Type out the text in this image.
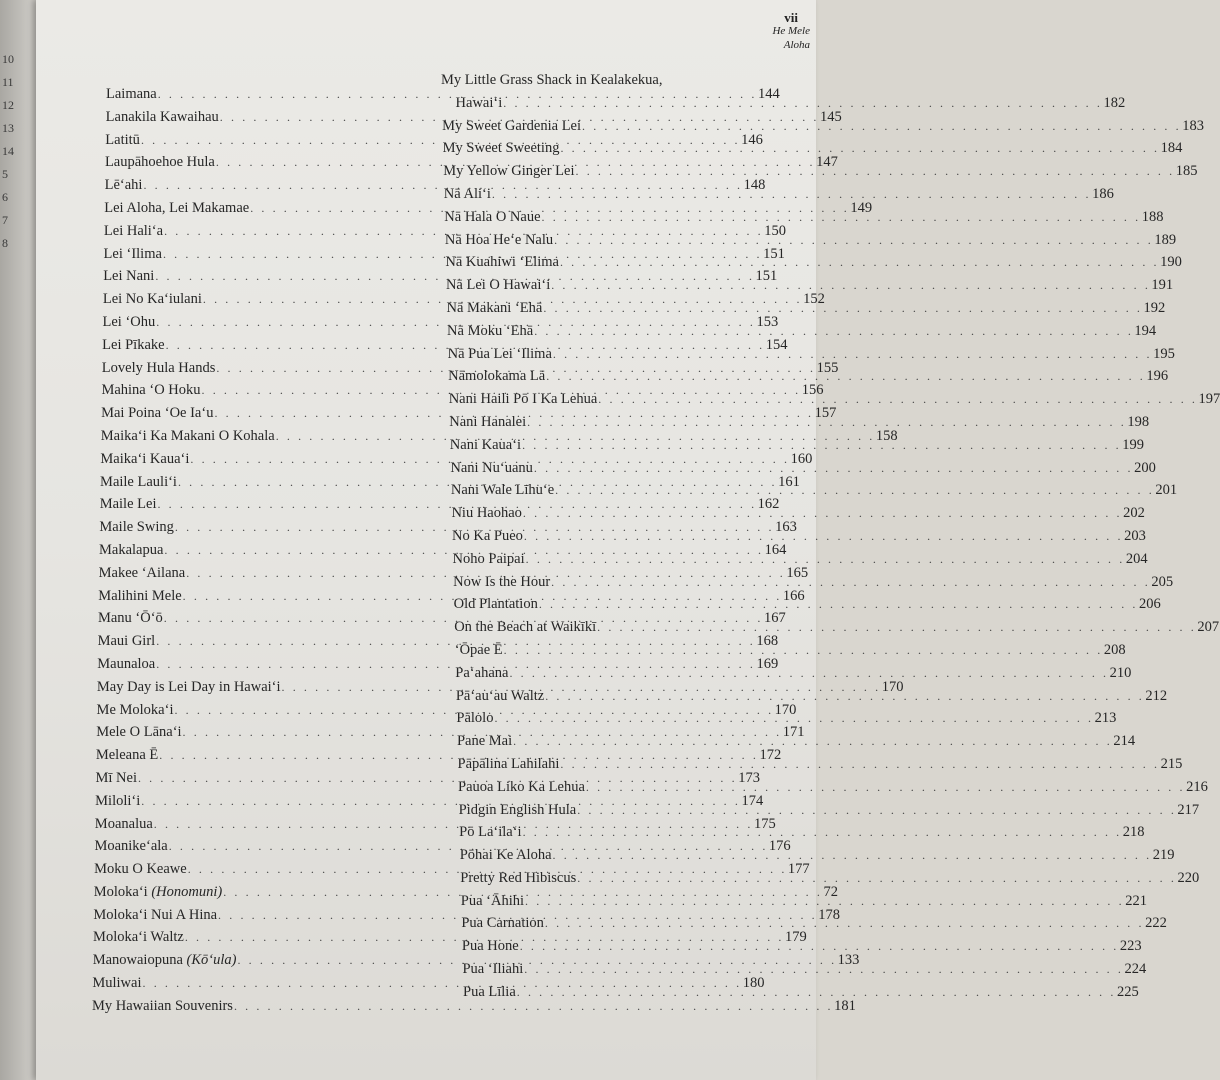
10
11
12
13
14
5
6
7
8
vii
He Mele
Aloha
Laimana . . .	144
Lanakila Kawaihau . . .	145
Latitū . . .	146
Laupāhoehoe Hula . . .	147
Lē‘ahi . . .	148
Lei Aloha, Lei Makamae . . .	149
Lei Hali‘a . . .	150
Lei ‘Ilima . . .	151
Lei Nani . . .	151
Lei No Ka‘iulani . . .	152
Lei ‘Ohu . . .	153
Lei Pīkake . . .	154
Lovely Hula Hands . . .	155
Mahina ‘O Hoku . . .	156
Mai Poina ‘Oe Ia‘u . . .	157
Maika‘i Ka Makani O Kohala . . .	158
Maika‘i Kaua‘i . . .	160
Maile Lauli‘i . . .	161
Maile Lei . . .	162
Maile Swing . . .	163
Makalapua . . .	164
Makee ‘Ailana . . .	165
Malihini Mele . . .	166
Manu ‘Ō‘ō . . .	167
Maui Girl . . .	168
Maunaloa . . .	169
May Day is Lei Day in Hawai‘i . . .	170
Me Moloka‘i . . .	170
Mele O Lāna‘i . . .	171
Meleana Ē . . .	172
Mī Nei . . .	173
Miloli‘i . . .	174
Moanalua . . .	175
Moanike‘ala . . .	176
Moku O Keawe . . .	177
Moloka‘i (Honomuni) . . .	72
Moloka‘i Nui A Hina . . .	178
Moloka‘i Waltz . . .	179
Manowaiopuna (Kō‘ula) . . .	133
Muliwai . . .	180
My Hawaiian Souvenirs . . .	181
My Little Grass Shack in Kealakekua,
Hawai‘i . . .	182
My Sweet Gardenia Lei . . .	183
My Sweet Sweeting . . .	184
My Yellow Ginger Lei . . .	185
Nā Ali‘i . . .	186
Nā Hala O Naue . . .	188
Nā Hoa He‘e Nalu . . .	189
Nā Kuahiwi ‘Elima . . .	190
Nā Lei O Hawai‘i . . .	191
Nā Makani ‘Ehā . . .	192
Nā Moku ‘Ehā . . .	194
Nā Pua Lei ‘Ilima . . .	195
Nāmolokama Lā . . .	196
Nani Haili Pō I Ka Lehua . . .	197
Nani Hanalei . . .	198
Nani Kaua‘i . . .	199
Nani Nu‘uanu . . .	200
Nani Wale Līhu‘e . . .	201
Niu Haohao . . .	202
No Ka Pueo . . .	203
Noho Paipai . . .	204
Now Is the Hour . . .	205
Old Plantation . . .	206
On the Beach at Waikīkī . . .	207
‘Ōpae Ē . . .	208
Pa‘ahana . . .	210
Pā‘au‘au Waltz . . .	212
Pālolo . . .	213
Pane Mai . . .	214
Pāpālina Lahilahi . . .	215
Pauoa Liko Ka Lehua . . .	216
Pidgin English Hula . . .	217
Pō La‘ila‘i . . .	218
Pōhai Ke Aloha . . .	219
Pretty Red Hibiscus . . .	220
Pua ‘Āhihi . . .	221
Pua Carnation . . .	222
Pua Hone . . .	223
Pua ‘Iliahi . . .	224
Pua Līlia . . .	225
